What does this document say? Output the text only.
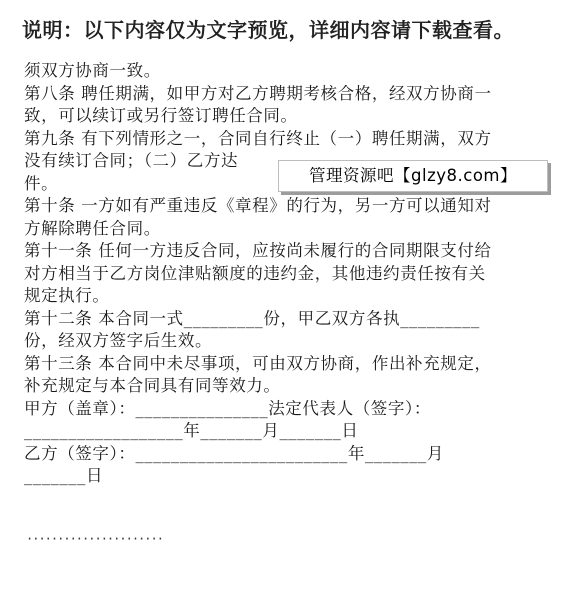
说明：以下内容仅为文字预览，详细内容请下载查看。
须双方协商一致。
第八条 聘任期满，如甲方对乙方聘期考核合格，经双方协商一
致，可以续订或另行签订聘任合同。
第九条 有下列情形之一，合同自行终止（一）聘任期满，双方
没有续订合同；（二）乙方达
件。
第十条 一方如有严重违反《章程》的行为，另一方可以通知对
方解除聘任合同。
第十一条 任何一方违反合同，应按尚未履行的合同期限支付给
对方相当于乙方岗位津贴额度的违约金，其他违约责任按有关
规定执行。
第十二条 本合同一式_________份，甲乙双方各执_________
份，经双方签字后生效。
第十三条 本合同中未尽事项，可由双方协商，作出补充规定，
补充规定与本合同具有同等效力。
甲方（盖章）：_______________法定代表人（签字）：
__________________年_______月_______日
乙方（签字）：________________________年_______月
_______日
管理资源吧【glzy8.com】
······················
